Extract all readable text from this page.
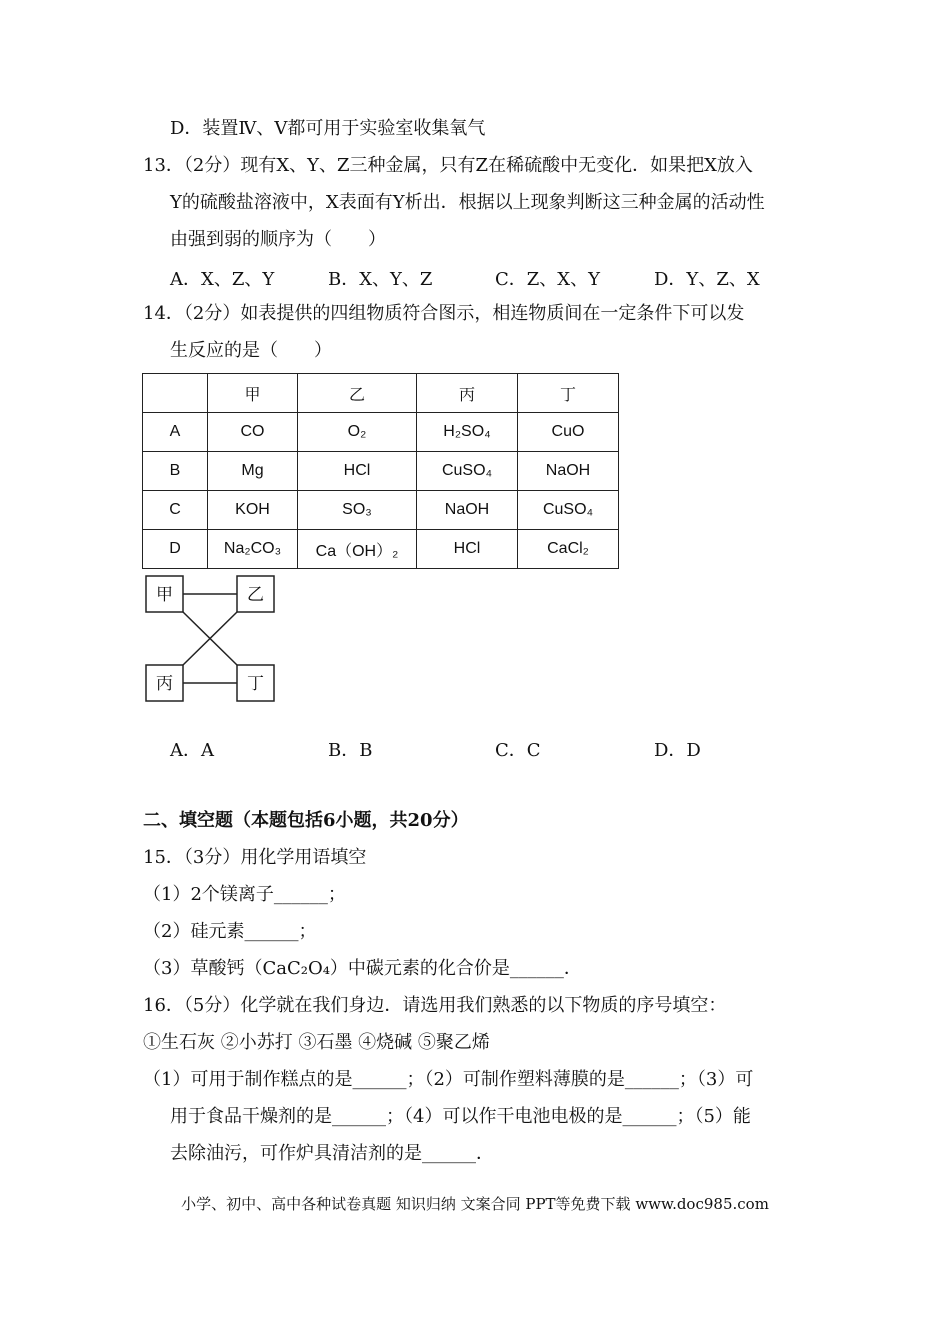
D．装置Ⅳ、Ⅴ都可用于实验室收集氧气
13．（2分）现有X、Y、Z三种金属，只有Z在稀硫酸中无变化．如果把X放入
Y的硫酸盐溶液中，X表面有Y析出．根据以上现象判断这三种金属的活动性
由强到弱的顺序为（　　）
A．X、Z、Y	B．X、Y、Z	C．Z、X、Y	D．Y、Z、X
14．（2分）如表提供的四组物质符合图示，相连物质间在一定条件下可以发
生反应的是（　　）
	甲	乙	丙	丁
A	CO	O₂	H₂SO₄	CuO
B	Mg	HCl	CuSO₄	NaOH
C	KOH	SO₃	NaOH	CuSO₄
D	Na₂CO₃	Ca（OH）₂	HCl	CaCl₂
甲	乙
丙	丁
A．A	B．B	C．C	D．D
二、填空题（本题包括6小题，共20分）
15．（3分）用化学用语填空
（1）2个镁离子______；
（2）硅元素______；
（3）草酸钙（CaC₂O₄）中碳元素的化合价是______．
16．（5分）化学就在我们身边．请选用我们熟悉的以下物质的序号填空：
①生石灰 ②小苏打 ③石墨 ④烧碱 ⑤聚乙烯
（1）可用于制作糕点的是______；（2）可制作塑料薄膜的是______；（3）可
用于食品干燥剂的是______；（4）可以作干电池电极的是______；（5）能
去除油污，可作炉具清洁剂的是______．
小学、初中、高中各种试卷真题 知识归纳 文案合同 PPT等免费下载 www.doc985.com
